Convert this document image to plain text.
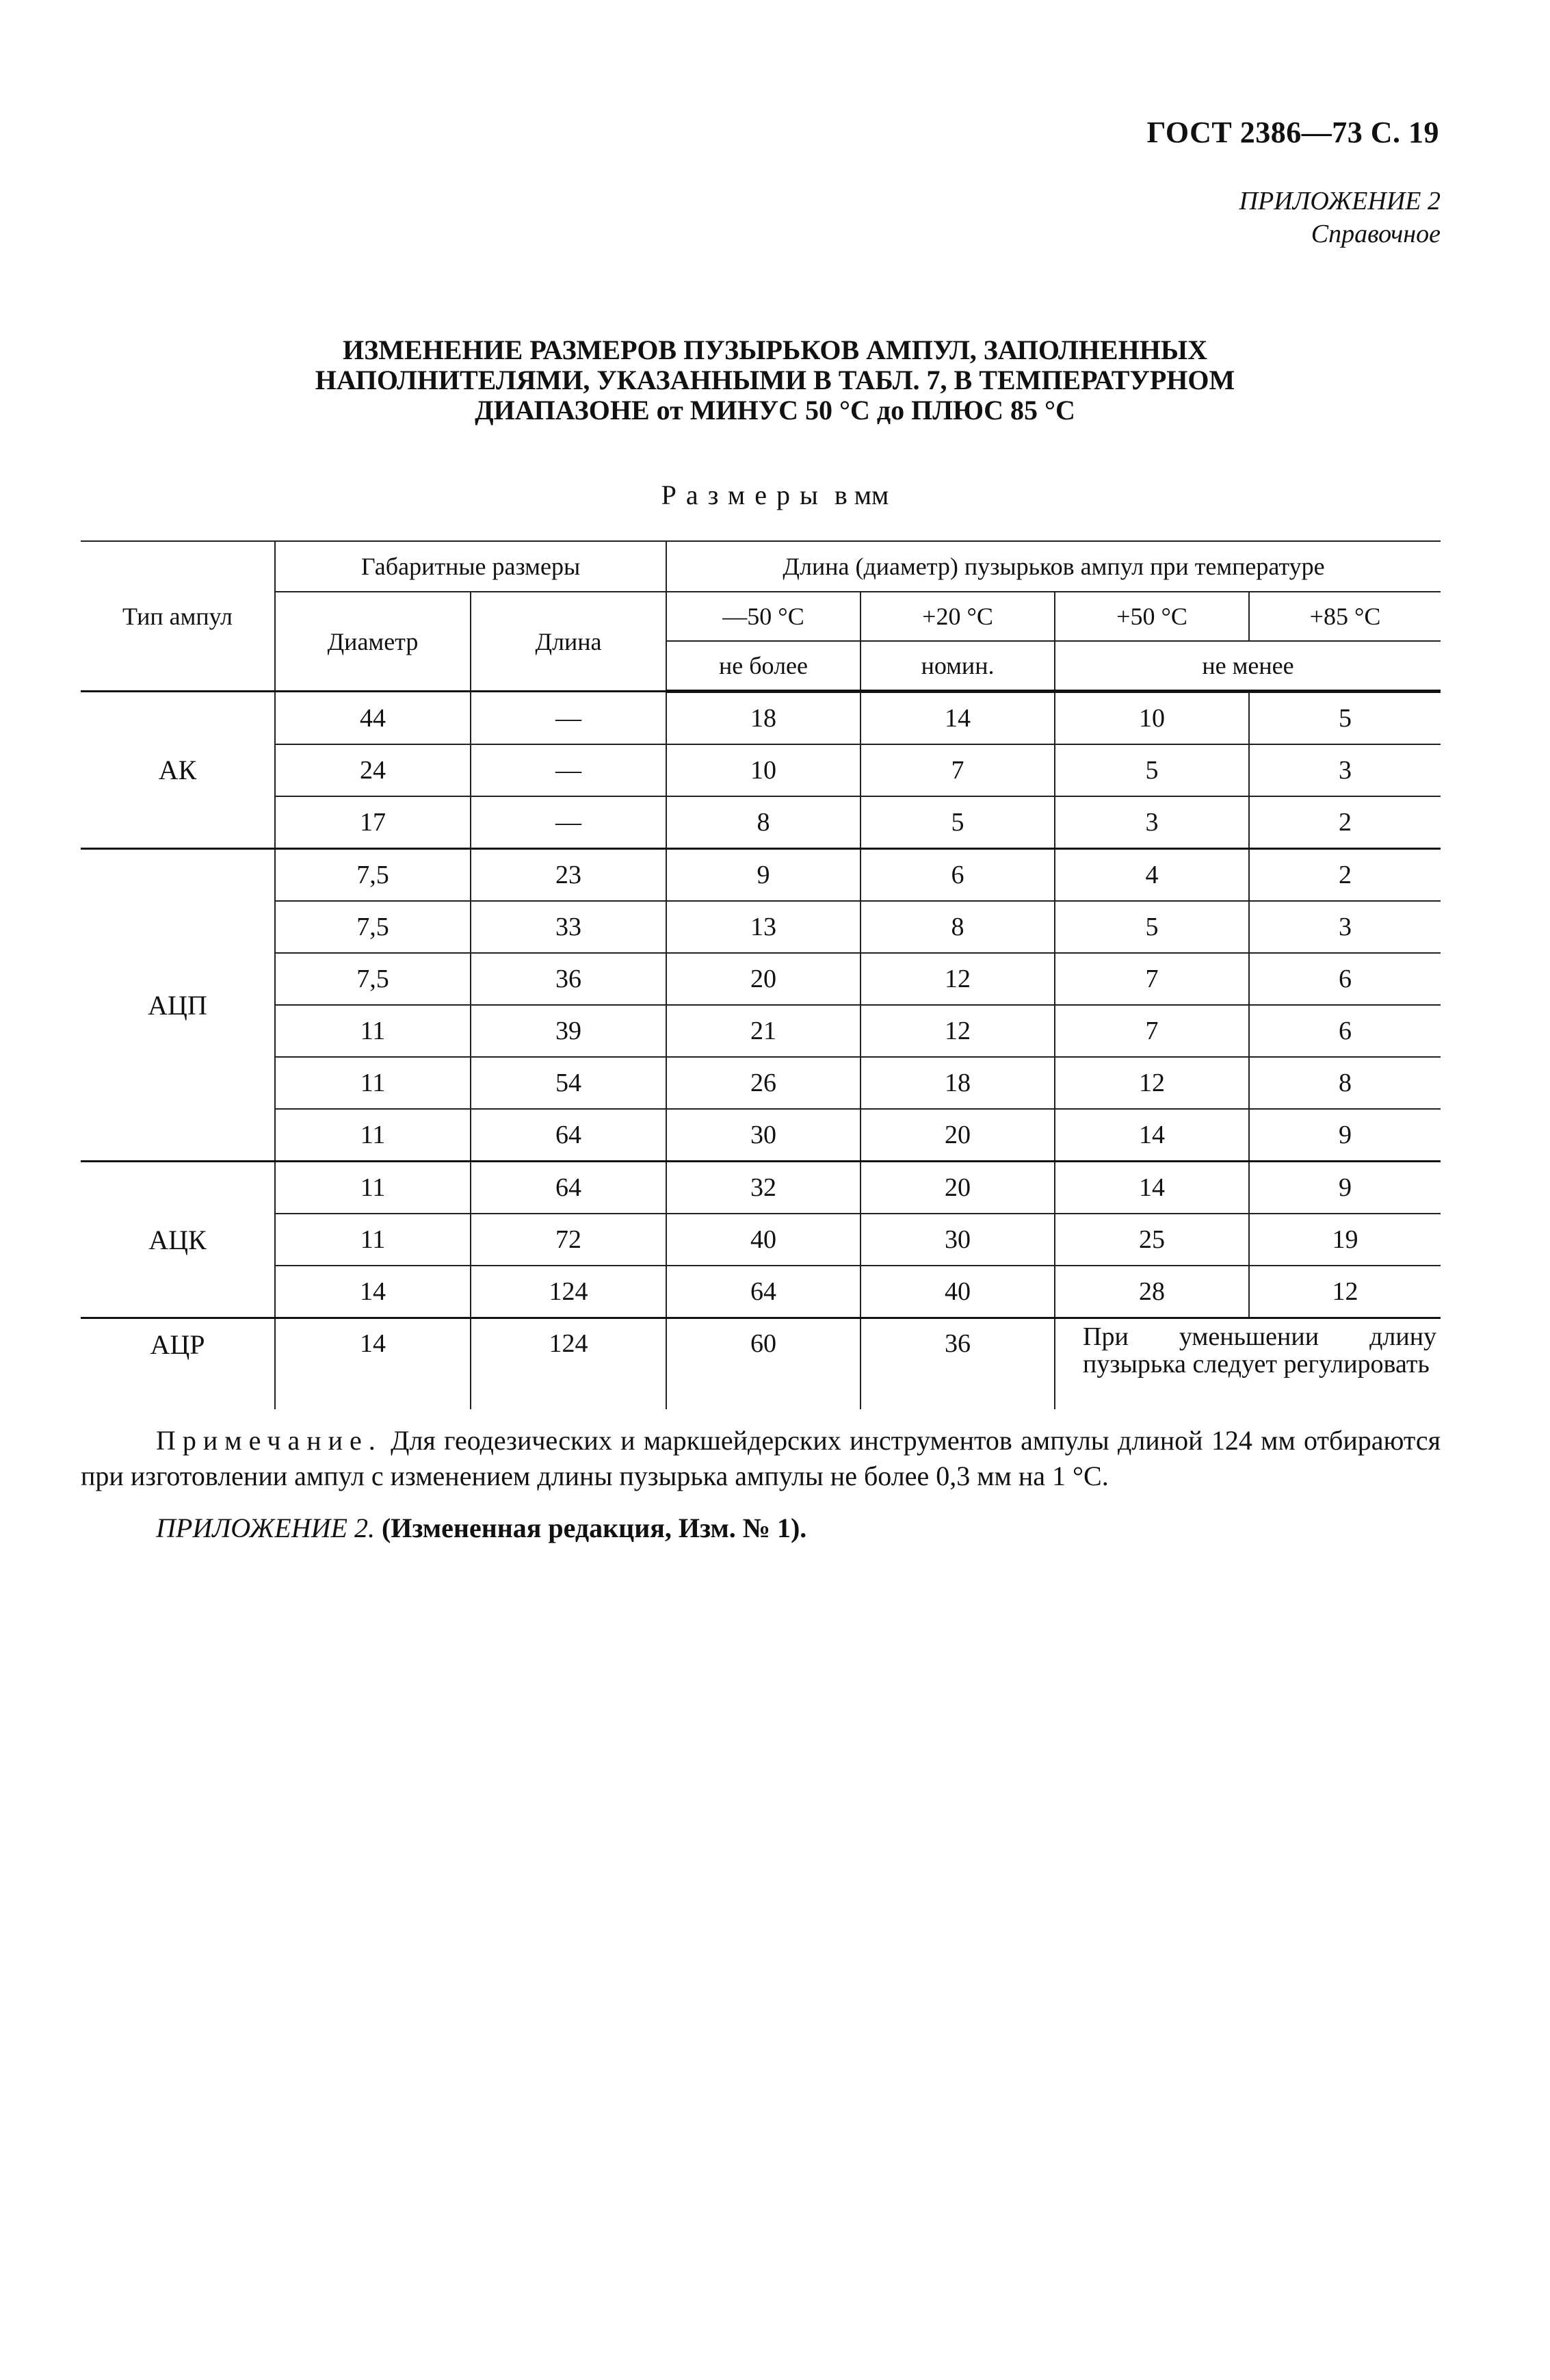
ГОСТ 2386—73 С. 19
ПРИЛОЖЕНИЕ 2
Справочное
ИЗМЕНЕНИЕ РАЗМЕРОВ ПУЗЫРЬКОВ АМПУЛ, ЗАПОЛНЕННЫХ
НАПОЛНИТЕЛЯМИ, УКАЗАННЫМИ В ТАБЛ. 7, В ТЕМПЕРАТУРНОМ
ДИАПАЗОНЕ от МИНУС 50 °С до ПЛЮС 85 °С
Размеры в мм
Тип ампул	Габаритные размеры		Длина (диаметр) пузырьков ампул при температуре			
	Диаметр	Длина	—50 °С	+20 °С	+50 °С	+85 °С
			не более	номин.	не менее	
АК	44	—	18	14	10	5
	24	—	10	7	5	3
	17	—	8	5	3	2
АЦП	7,5	23	9	6	4	2
	7,5	33	13	8	5	3
	7,5	36	20	12	7	6
	11	39	21	12	7	6
	11	54	26	18	12	8
	11	64	30	20	14	9
АЦК	11	64	32	20	14	9
	11	72	40	30	25	19
	14	124	64	40	28	12
АЦР	14	124	60	36	При уменьшении длину пузырька следует регулировать	
Примечание. Для геодезических и маркшейдерских инструментов ампулы длиной 124 мм отбираются при изготовлении ампул с изменением длины пузырька ампулы не более 0,3 мм на 1 °С.
ПРИЛОЖЕНИЕ 2. (Измененная редакция, Изм. № 1).
